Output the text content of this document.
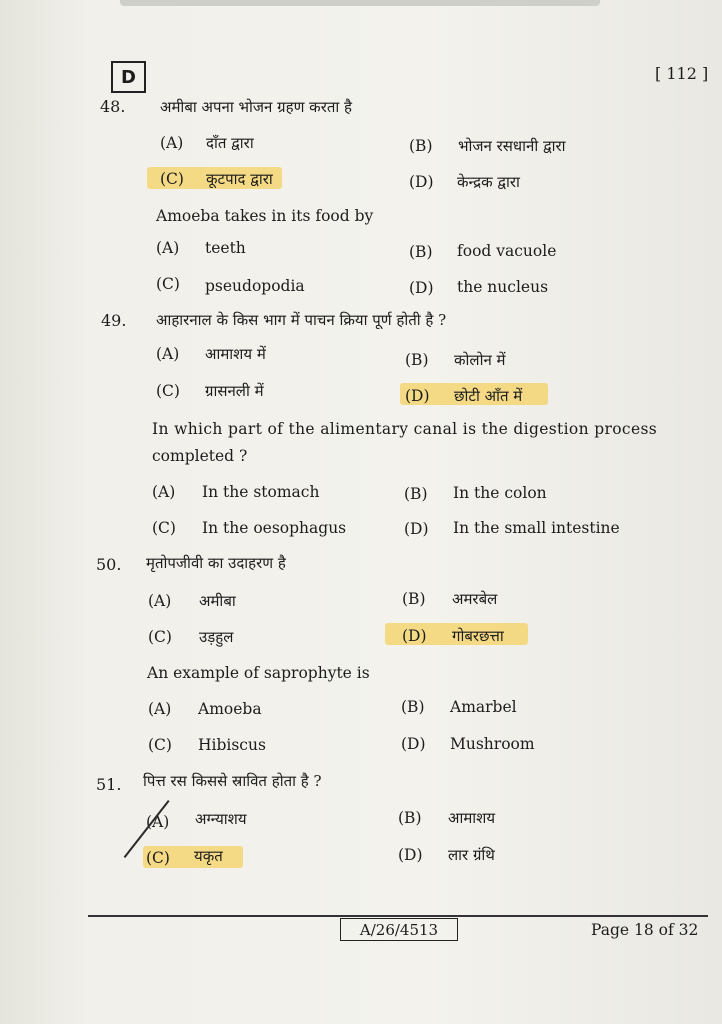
D	[ 112 ]
48. अमीबा अपना भोजन ग्रहण करता है
(A) दाँत द्वारा	(B) भोजन रसधानी द्वारा
(C) कूटपाद द्वारा	(D) केन्द्रक द्वारा
Amoeba takes in its food by
(A) teeth	(B) food vacuole
(C) pseudopodia	(D) the nucleus
49. आहारनाल के किस भाग में पाचन क्रिया पूर्ण होती है ?
(A) आमाशय में	(B) कोलोन में
(C) ग्रासनली में	(D) छोटी आँत में
In which part of the alimentary canal is the digestion process
completed ?
(A) In the stomach	(B) In the colon
(C) In the oesophagus	(D) In the small intestine
50. मृतोपजीवी का उदाहरण है
(A) अमीबा	(B) अमरबेल
(C) उड़हुल	(D) गोबरछत्ता
An example of saprophyte is
(A) Amoeba	(B) Amarbel
(C) Hibiscus	(D) Mushroom
51. पित्त रस किससे स्रावित होता है ?
(A) अग्न्याशय	(B) आमाशय
(C) यकृत	(D) लार ग्रंथि
A/26/4513	Page 18 of 32
